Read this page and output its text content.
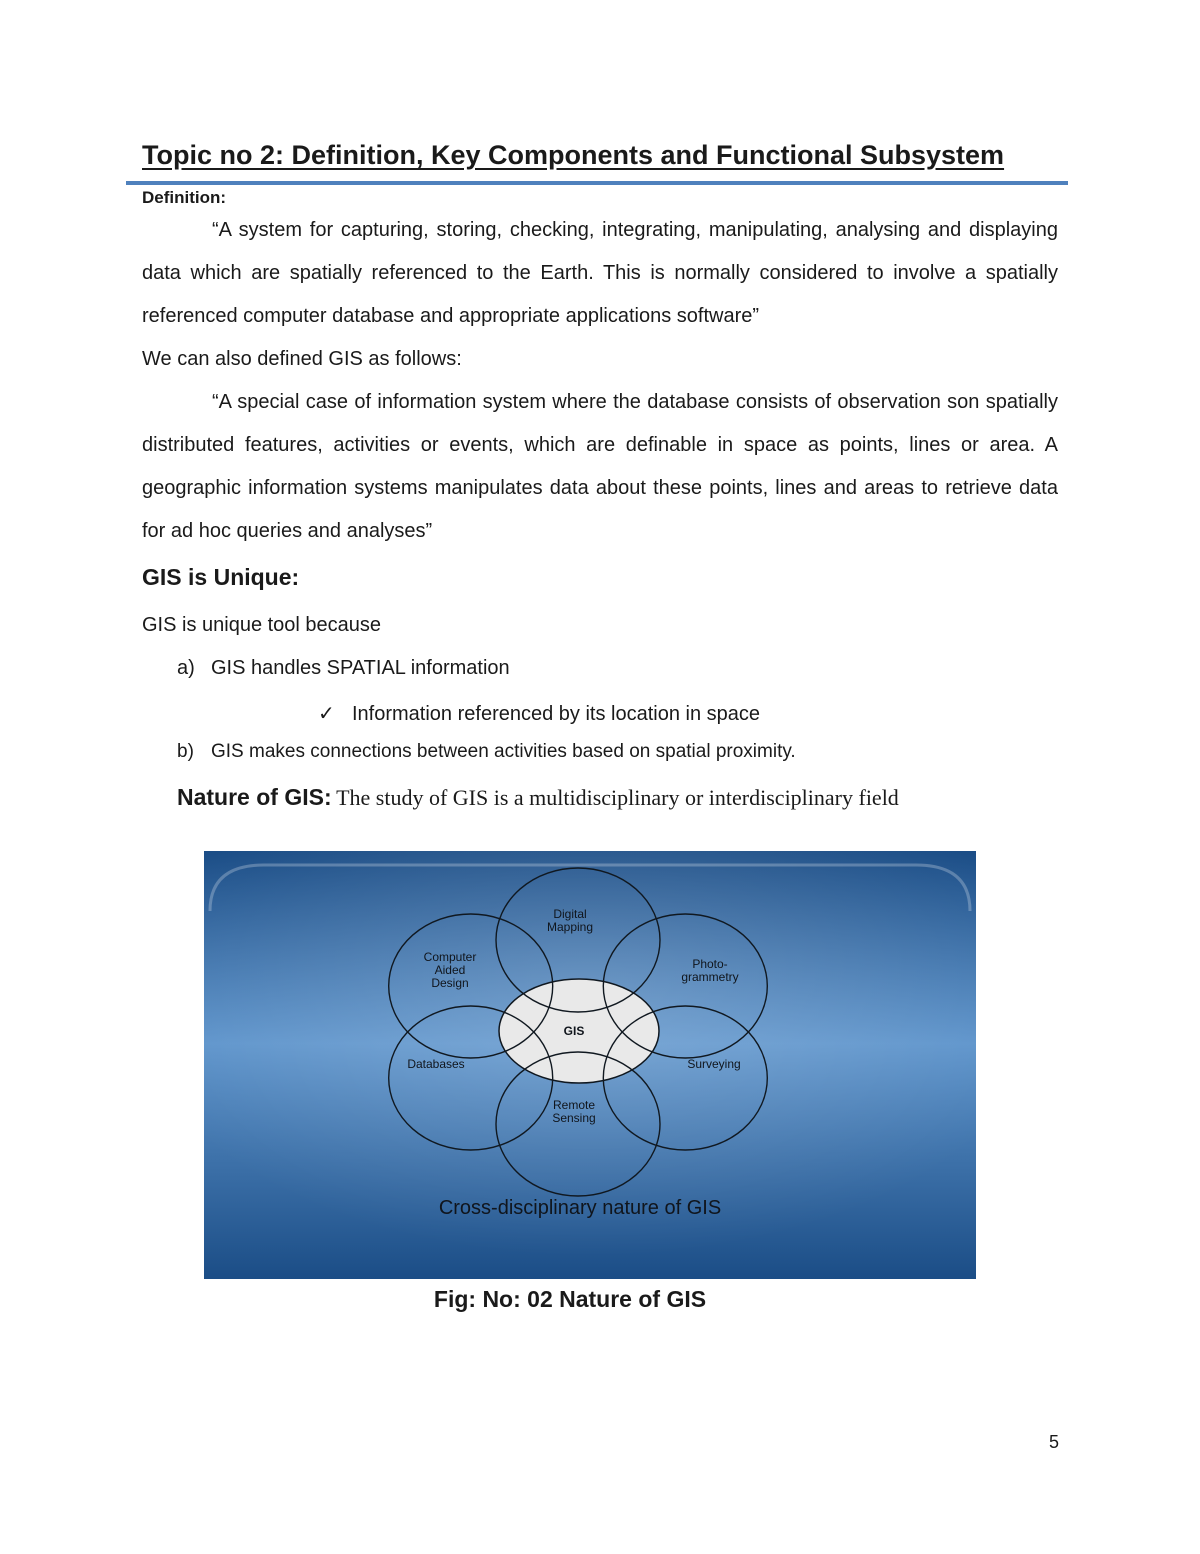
Topic no 2: Definition, Key Components and Functional Subsystem
Definition:

“A system for capturing, storing, checking, integrating, manipulating, analysing and displaying data which are spatially referenced to the Earth. This is normally considered to involve a spatially referenced computer database and appropriate applications software”

We can also defined GIS as follows:

“A special case of information system where the database consists of observation son spatially distributed features, activities or events, which are definable in space as points, lines or area. A geographic information systems manipulates data about these points, lines and areas to retrieve data for ad hoc queries and analyses”

GIS is Unique:
GIS is unique tool because
a) GIS handles SPATIAL information
✓ Information referenced by its location in space
b) GIS makes connections between activities based on spatial proximity.
Nature of GIS: The study of GIS is a multidisciplinary or interdisciplinary field
GIS
Digital
Mapping
Photo-
grammetry
Surveying
Remote
Sensing
Databases
Computer
Aided
Design
Cross-disciplinary nature of GIS
Fig: No: 02 Nature of GIS
5
